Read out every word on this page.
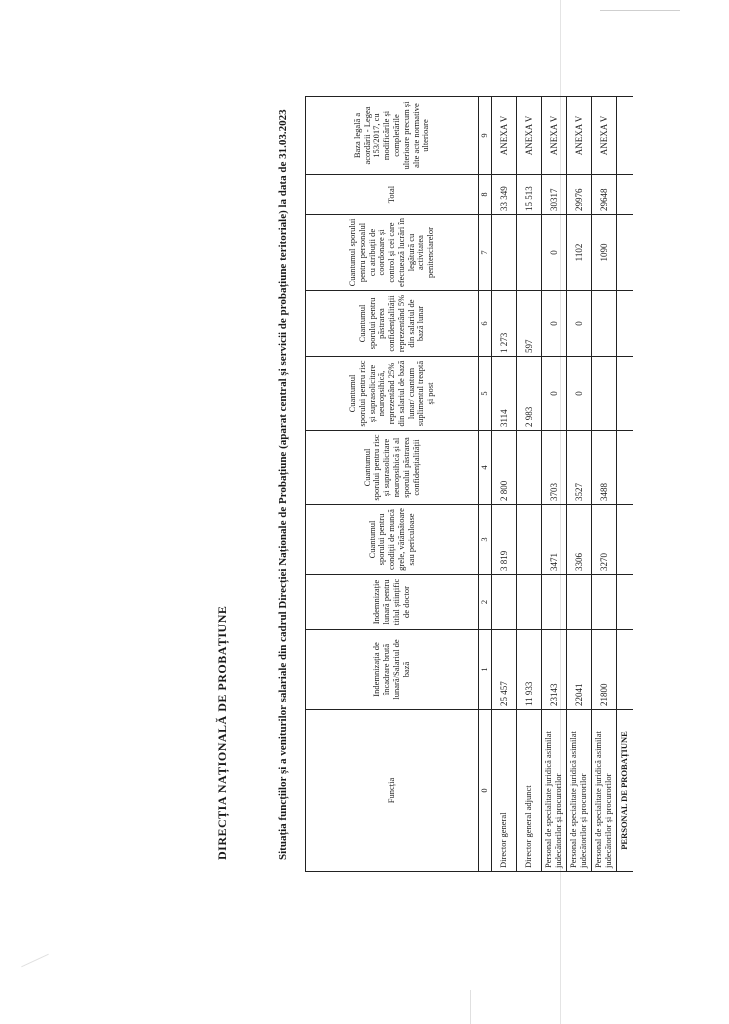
DIRECȚIA NAȚIONALĂ DE PROBAȚIUNE	Situația funcțiilor și a veniturilor salariale din cadrul Direcției Naționale de Probațiune (aparat central și servicii de probațiune teritoriale) la data de 31.03.2023	Funcția	Indemnizația de încadrare brută lunară/Salariul de bază	Indemnizație lunară pentru titlul științific de doctor	Cuantumul sporului pentru condiții de muncă grele, vătămătoare sau periculoase	Cuantumul sporului pentru risc și suprasolicitare neuropsihică și al sporului păstrarea confidențialității	Cuantumul sporului pentru risc și suprasolicitare neuropsihică, reprezentând 25% din salariul de bază lunar/ cuantum suplimentul treaptă și post	Cuantumul sporului pentru păstrarea confidențialității reprezentând 5% din salariul de bază lunar	Cuantumul sporului pentru personalul cu atribuții de coordonare și control și cei care efectuează lucrări în legătură cu activitatea penitenciarelor	Total	Baza legală a acordării - Legea 153/2017, cu modificările și completările ulterioare precum și alte acte normative ulterioare
0	1	2	3	4	5	6	7	8	9
Director general	25 457		3 819	2 800	3114	1 273		33 349	ANEXA V
Director general adjunct	11 933				2 983	597		15 513	ANEXA V
Personal de specialitate juridică asimilat judecătorilor și procurorilor	23143		3471	3703	0	0	0	30317	ANEXA V
Personal de specialitate juridică asimilat judecătorilor și procurorilor	22041		3306	3527	0	0	1102	29976	ANEXA V
Personal de specialitate juridică asimilat judecătorilor și procurorilor	21800		3270	3488			1090	29648	ANEXA V
PERSONAL DE PROBAȚIUNE									
